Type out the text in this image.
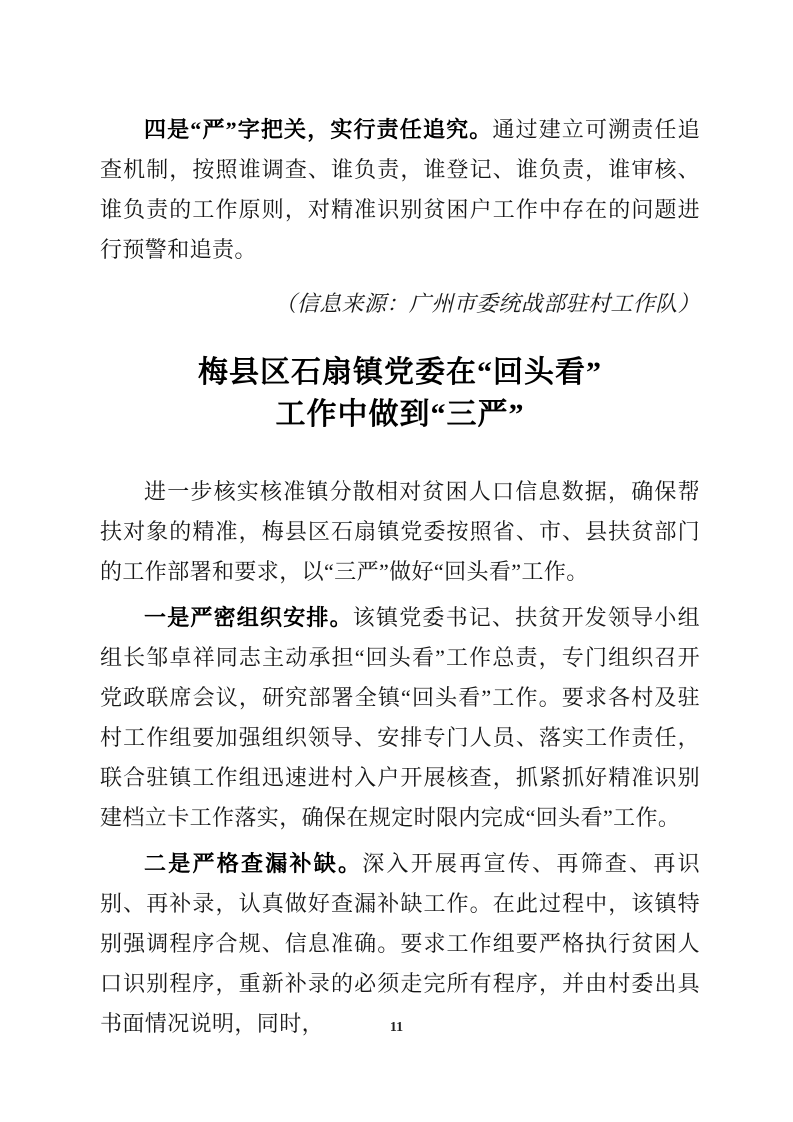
四是“严”字把关，实行责任追究。通过建立可溯责任追查机制，按照谁调查、谁负责，谁登记、谁负责，谁审核、谁负责的工作原则，对精准识别贫困户工作中存在的问题进行预警和追责。

（信息来源：广州市委统战部驻村工作队）

梅县区石扇镇党委在“回头看”
工作中做到“三严”

进一步核实核准镇分散相对贫困人口信息数据，确保帮扶对象的精准，梅县区石扇镇党委按照省、市、县扶贫部门的工作部署和要求，以“三严”做好“回头看”工作。

一是严密组织安排。该镇党委书记、扶贫开发领导小组组长邹卓祥同志主动承担“回头看”工作总责，专门组织召开党政联席会议，研究部署全镇“回头看”工作。要求各村及驻村工作组要加强组织领导、安排专门人员、落实工作责任，联合驻镇工作组迅速进村入户开展核查，抓紧抓好精准识别建档立卡工作落实，确保在规定时限内完成“回头看”工作。

二是严格查漏补缺。深入开展再宣传、再筛查、再识别、再补录，认真做好查漏补缺工作。在此过程中，该镇特别强调程序合规、信息准确。要求工作组要严格执行贫困人口识别程序，重新补录的必须走完所有程序，并由村委出具书面情况说明，同时，	11
